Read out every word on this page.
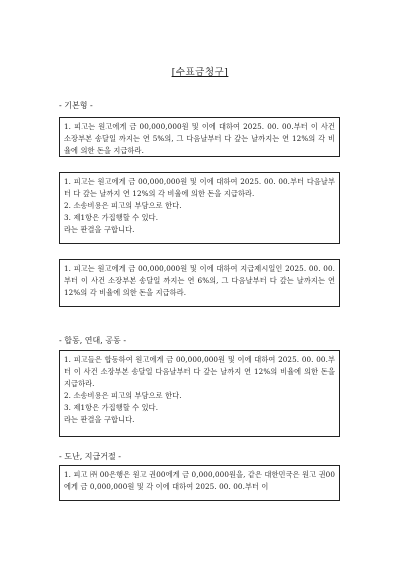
[수표금청구]
- 기본형 -

1. 피고는 원고에게 금 00,000,000원 및 이에 대하여 2025. 00. 00.부터 이 사건 소장부본 송달일 까지는 연 5%의, 그 다음날부터 다 갚는 날까지는 연 12%의 각 비율에 의한 돈을 지급하라.

1. 피고는 원고에게 금 00,000,000원 및 이에 대하여 2025. 00. 00.부터 다음날부터 다 갚는 날까지 연 12%의 각 비율에 의한 돈을 지급하라.

2. 소송비용은 피고의 부담으로 한다.

3. 제1항은 가집행할 수 있다.

라는 판결을 구합니다.

1. 피고는 원고에게 금 00,000,000원 및 이에 대하여 지급제시일인 2025. 00. 00.부터 이 사건 소장부본 송달일 까지는 연 6%의, 그 다음날부터 다 갚는 날까지는 연 12%의 각 비율에 의한 돈을 지급하라.

- 합동, 연대, 공동 -

1. 피고들은 합동하여 원고에게 금 00,000,000원 및 이에 대하여 2025. 00. 00.부터 이 사건 소장부본 송달일 다음날부터 다 갚는 날까지 연 12%의 비율에 의한 돈을 지급하라.

2. 소송비용은 피고의 부담으로 한다.

3. 제1항은 가집행할 수 있다.

라는 판결을 구합니다.

- 도난, 지급거절 -

1. 피고 ㈜ 00은행은 원고 권00에게 금 0,000,000원을, 같은 대한민국은 원고 권00에게 금 0,000,000원 및 각 이에 대하여 2025. 00. 00.부터 이
